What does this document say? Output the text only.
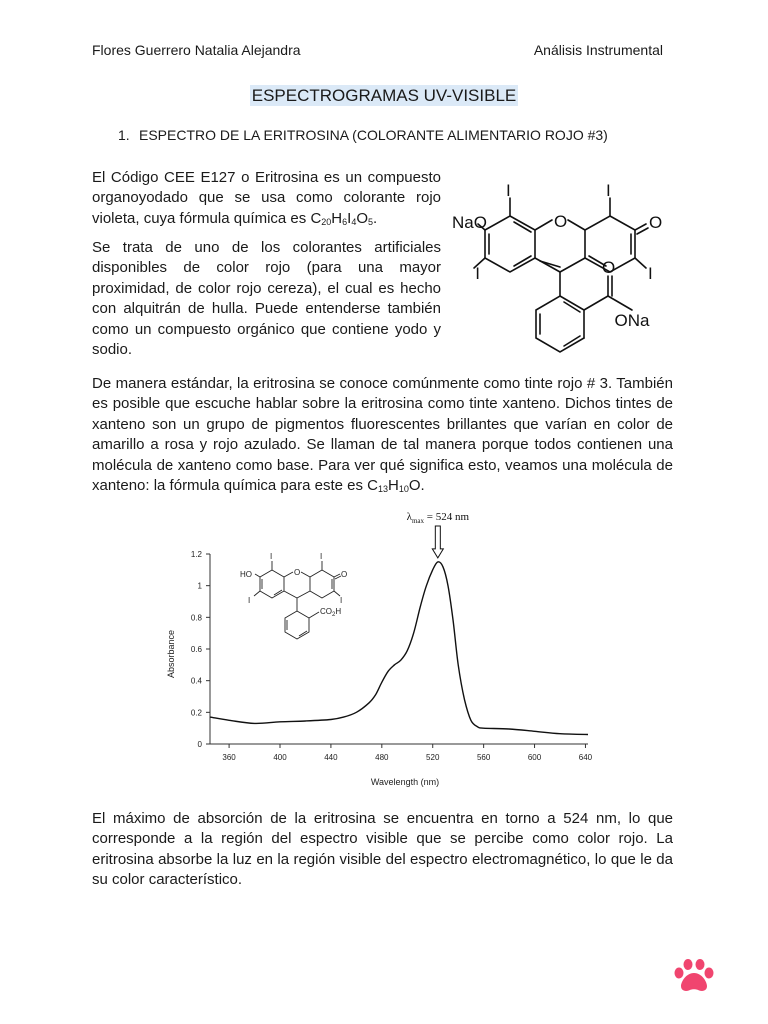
Flores Guerrero Natalia Alejandra	Análisis Instrumental
ESPECTROGRAMAS UV-VISIBLE
1. ESPECTRO DE LA ERITROSINA (COLORANTE ALIMENTARIO ROJO #3)
El Código CEE E127 o Eritrosina es un compuesto organoyodado que se usa como colorante rojo violeta, cuya fórmula química es $C_{20}H_6I_4O_5$.
Se trata de uno de los colorantes artificiales disponibles de color rojo (para una mayor proximidad, de color rojo cereza), el cual es hecho con alquitrán de hulla. Puede entenderse también como un compuesto orgánico que contiene yodo y sodio.
De manera estándar, la eritrosina se conoce comúnmente como tinte rojo # 3. También es posible que escuche hablar sobre la eritrosina como tinte xanteno. Dichos tintes de xanteno son un grupo de pigmentos fluorescentes brillantes que varían en color de amarillo a rosa y rojo azulado. Se llaman de tal manera porque todos contienen una molécula de xanteno como base. Para ver qué significa esto, veamos una molécula de xanteno: la fórmula química para este es $C_{13}H_{10}O$.
I	I
O
NaO	O
I	I
O
ONa
360	400	440	480	520	560	600	640
0
0.2
0.4
0.6
0.8
1
1.2
Wavelength (nm)
Absorbance
$\lambda_{max} = 524$ nm
I	I
O
HO	O
I	I
$CO_2H$
El máximo de absorción de la eritrosina se encuentra en torno a 524 nm, lo que corresponde a la región del espectro visible que se percibe como color rojo. La eritrosina absorbe la luz en la región visible del espectro electromagnético, lo que le da su color característico.
